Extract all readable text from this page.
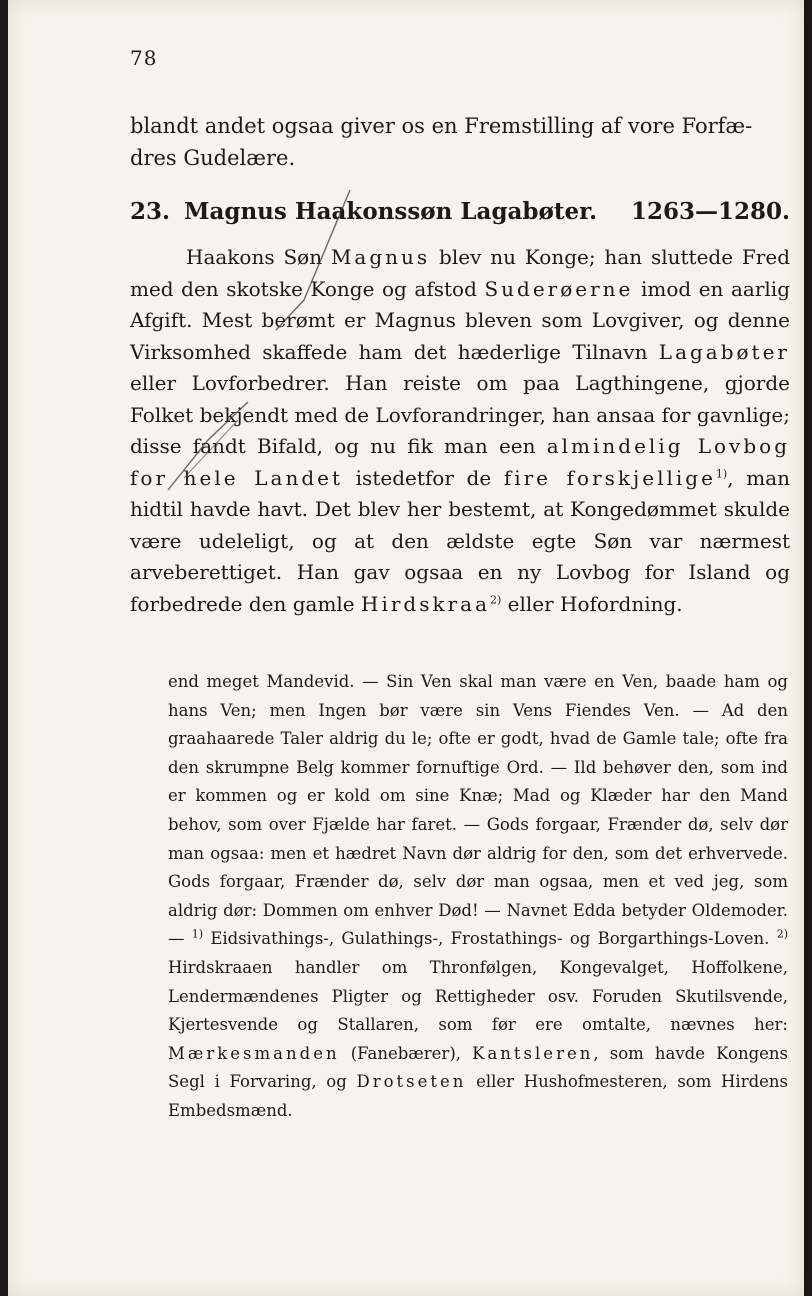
78
blandt andet ogsaa giver os en Fremstilling af vore Forfædres Gudelære.
23. Magnus Haakonssøn Lagabøter.	1263—1280.

Haakons Søn Magnus blev nu Konge; han sluttede Fred med den skotske Konge og afstod Suderøerne imod en aarlig Afgift. Mest berømt er Magnus bleven som Lovgiver, og denne Virksomhed skaffede ham det hæderlige Tilnavn Lagabøter eller Lovforbedrer. Han reiste om paa Lagthingene, gjorde Folket bekjendt med de Lovforandringer, han ansaa for gavnlige; disse fandt Bifald, og nu fik man een almindelig Lovbog for hele Landet istedetfor de fire forskjellige$^{1)}$, man hidtil havde havt. Det blev her bestemt, at Kongedømmet skulde være udeleligt, og at den ældste egte Søn var nærmest arveberettiget. Han gav ogsaa en ny Lovbog for Island og forbedrede den gamle Hirdskraa$^{2)}$ eller Hofordning.

end meget Mandevid. — Sin Ven skal man være en Ven, baade ham og hans Ven; men Ingen bør være sin Vens Fiendes Ven. — Ad den graahaarede Taler aldrig du le; ofte er godt, hvad de Gamle tale; ofte fra den skrumpne Belg kommer fornuftige Ord. — Ild behøver den, som ind er kommen og er kold om sine Knæ; Mad og Klæder har den Mand behov, som over Fjælde har faret. — Gods forgaar, Frænder dø, selv dør man ogsaa: men et hædret Navn dør aldrig for den, som det erhvervede. Gods forgaar, Frænder dø, selv dør man ogsaa, men et ved jeg, som aldrig dør: Dommen om enhver Død! — Navnet Edda betyder Oldemoder. — $^{1)}$ Eidsivathings-, Gulathings-, Frostathings- og Borgarthings-Loven. $^{2)}$ Hirdskraaen handler om Thronfølgen, Kongevalget, Hoffolkene, Lendermændenes Pligter og Rettigheder osv. Foruden Skutilsvende, Kjertesvende og Stallaren, som før ere omtalte, nævnes her: Mærkesmanden (Fanebærer), Kantsleren, som havde Kongens Segl i Forvaring, og Drotseten eller Hushofmesteren, som Hirdens Embedsmænd.
